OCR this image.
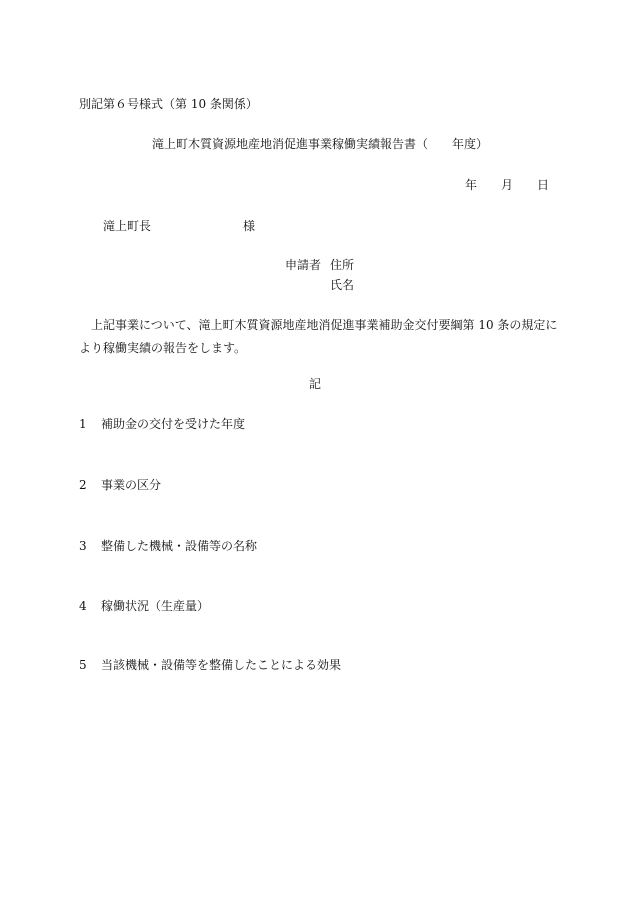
別記第６号様式（第 10 条関係）
滝上町木質資源地産地消促進事業稼働実績報告書（　　年度）
年　　月　　日
滝上町長	様
申請者 住所
氏名
上記事業について、滝上町木質資源地産地消促進事業補助金交付要綱第 10 条の規定により稼働実績の報告をします。
記
1 補助金の交付を受けた年度
2 事業の区分
3 整備した機械・設備等の名称
4 稼働状況（生産量）
5 当該機械・設備等を整備したことによる効果
